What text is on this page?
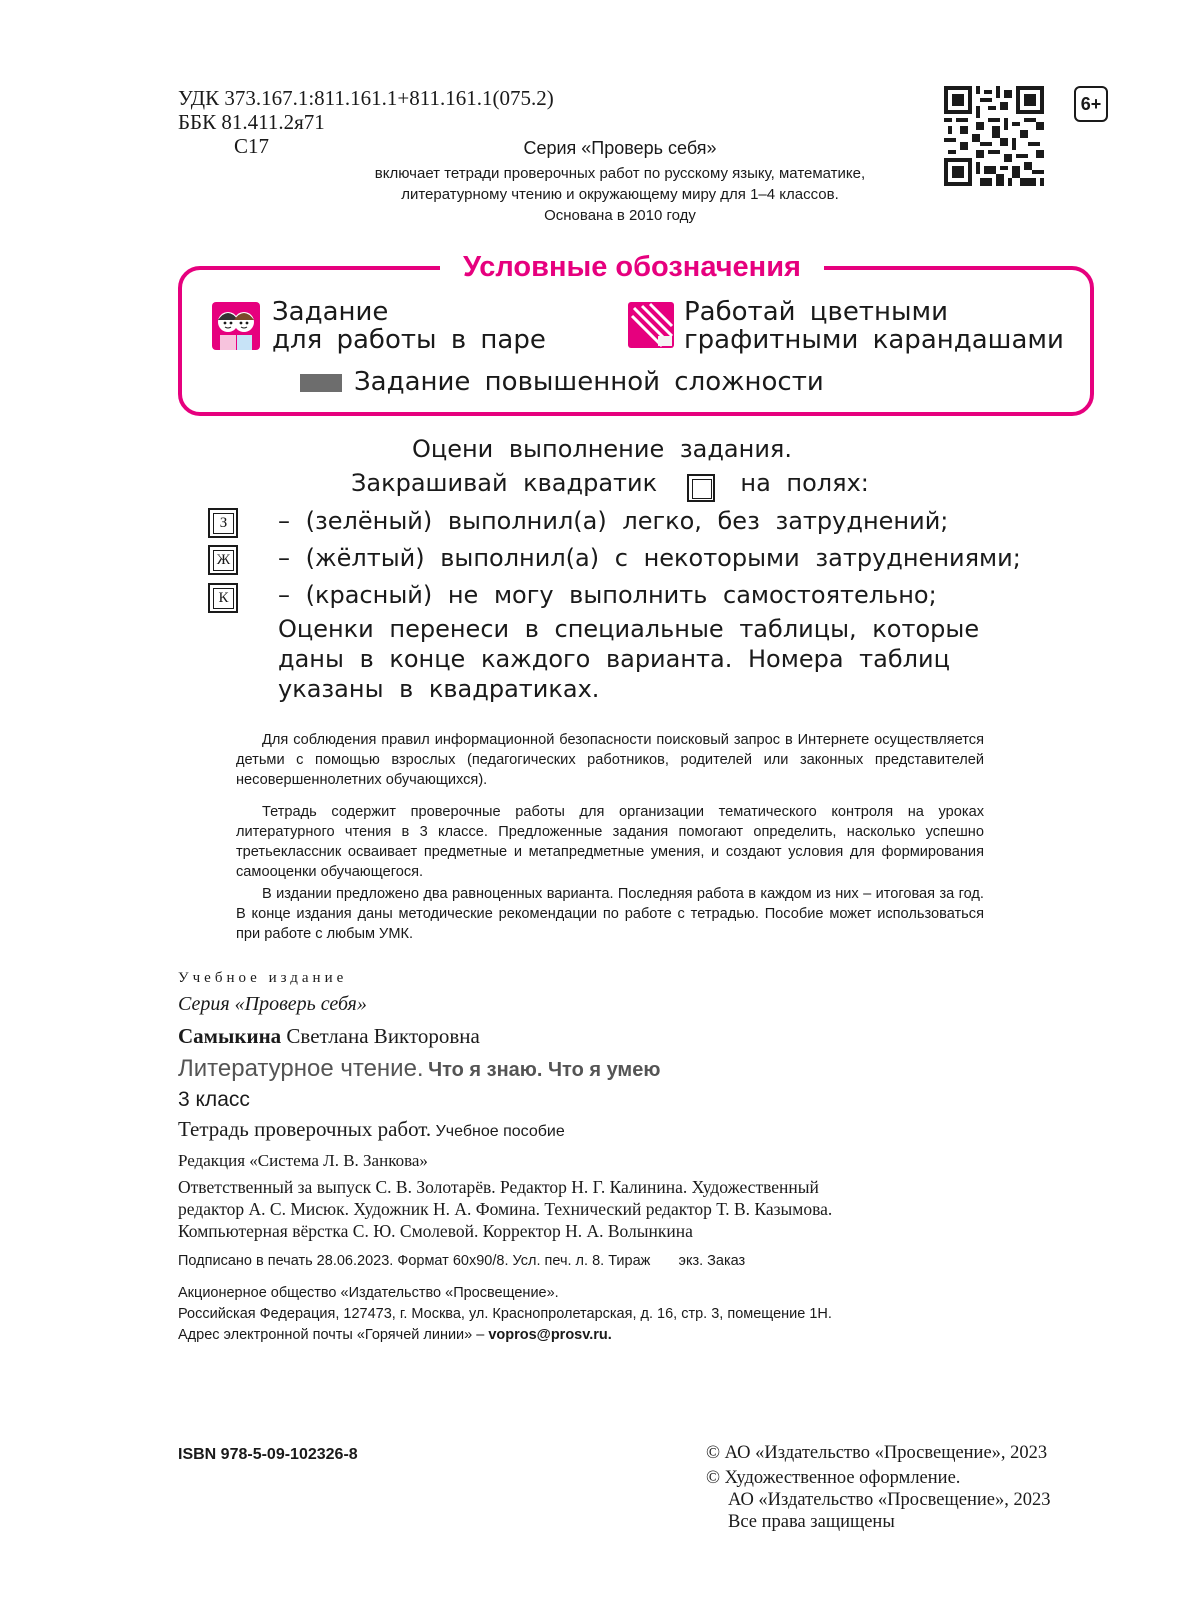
УДК 373.167.1:811.161.1+811.161.1(075.2)
ББК 81.411.2я71
С17	Серия «Проверь себя»
включает тетради проверочных работ по русскому языку, математике,
литературному чтению и окружающему миру для 1–4 классов.
Основана в 2010 году
6+
Условные обозначения
Задание
для работы в паре
Работай цветными
графитными карандашами
Задание повышенной сложности
Оцени выполнение задания.
Закрашивай квадратик	на полях:
З – (зелёный) выполнил(а) легко, без затруднений;
Ж – (жёлтый) выполнил(а) с некоторыми затруднениями;
К – (красный) не могу выполнить самостоятельно;
Оценки перенеси в специальные таблицы, которые
даны в конце каждого варианта. Номера таблиц
указаны в квадратиках.
Для соблюдения правил информационной безопасности поисковый запрос в Интернете осуществляется детьми с помощью взрослых (педагогических работников, родителей или законных представителей несовершеннолетних обучающихся).
Тетрадь содержит проверочные работы для организации тематического контроля на уроках литературного чтения в 3 классе. Предложенные задания помогают определить, насколько успешно третьеклассник осваивает предметные и метапредметные умения, и создают условия для формирования самооценки обучающегося.
В издании предложено два равноценных варианта. Последняя работа в каждом из них – итоговая за год. В конце издания даны методические рекомендации по работе с тетрадью. Пособие может использоваться при работе с любым УМК.
Учебное издание
Серия «Проверь себя»
Самыкина Светлана Викторовна
Литературное чтение. Что я знаю. Что я умею
3 класс
Тетрадь проверочных работ. Учебное пособие
Редакция «Система Л. В. Занкова»
Ответственный за выпуск С. В. Золотарёв. Редактор Н. Г. Калинина. Художественный
редактор А. С. Мисюк. Художник Н. А. Фомина. Технический редактор Т. В. Казымова.
Компьютерная вёрстка С. Ю. Смолевой. Корректор Н. А. Волынкина
Подписано в печать 28.06.2023. Формат 60х90/8. Усл. печ. л. 8. Тираж       экз. Заказ
Акционерное общество «Издательство «Просвещение».
Российская Федерация, 127473, г. Москва, ул. Краснопролетарская, д. 16, стр. 3, помещение 1Н.
Адрес электронной почты «Горячей линии» – vopros@prosv.ru.
ISBN 978-5-09-102326-8	© АО «Издательство «Просвещение», 2023
© Художественное оформление.
АО «Издательство «Просвещение», 2023
Все права защищены
